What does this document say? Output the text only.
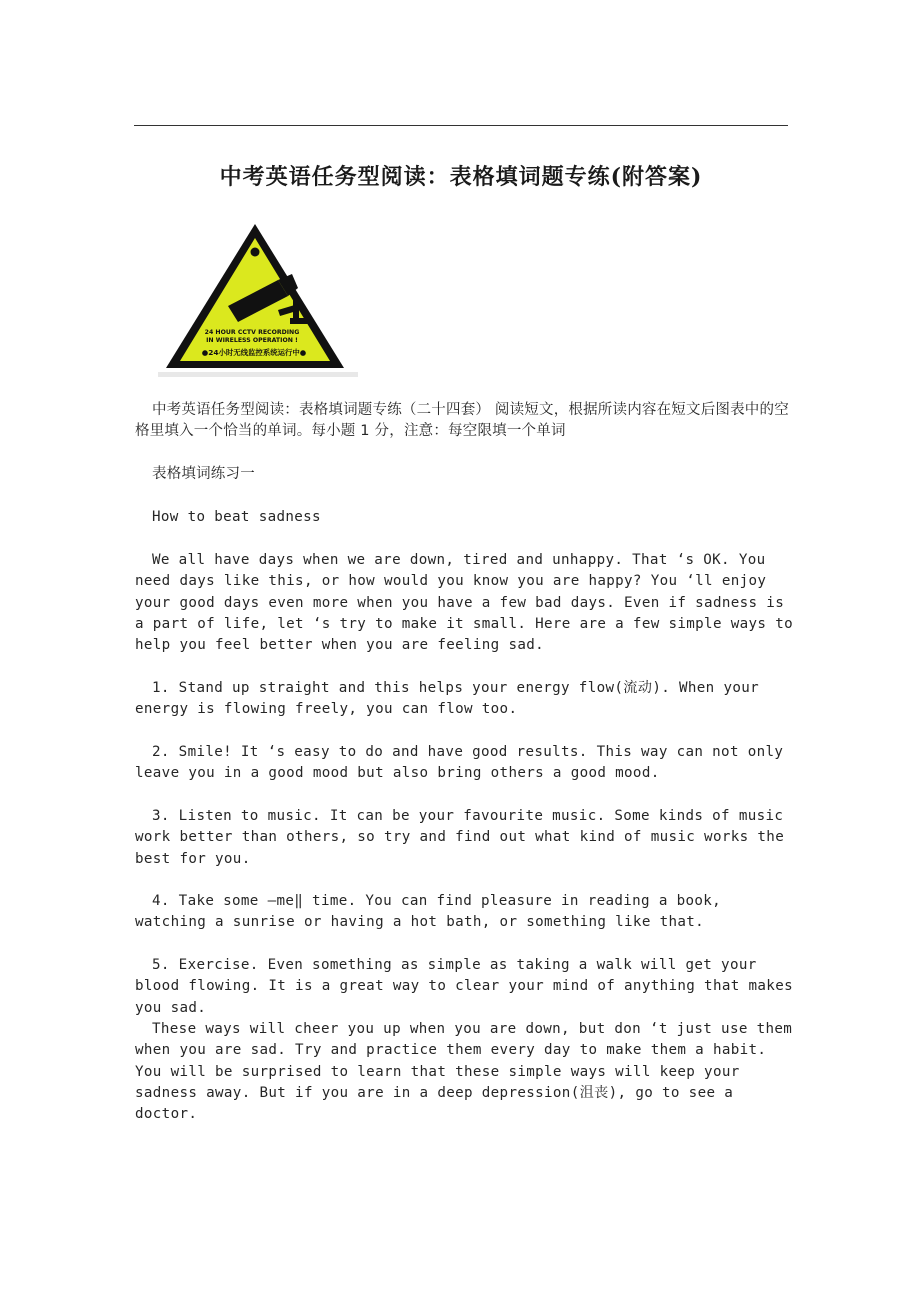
中考英语任务型阅读：表格填词题专练(附答案)
24 HOUR CCTV RECORDING
IN WIRELESS OPERATION !
●24小时无线监控系统运行中●

中考英语任务型阅读：表格填词题专练（二十四套） 阅读短文，根据所读内容在短文后图表中的空格里填入一个恰当的单词。每小题 1 分，注意：每空限填一个单词

表格填词练习一

How to beat sadness

We all have days when we are down, tired and unhappy. That ‘s OK. You need days like this, or how would you know you are happy? You ‘ll enjoy your good days even more when you have a few bad days. Even if sadness is a part of life, let ‘s try to make it small. Here are a few simple ways to help you feel better when you are feeling sad.

1. Stand up straight and this helps your energy flow(流动). When your energy is flowing freely, you can flow too.

2. Smile! It ‘s easy to do and have good results. This way can not only leave you in a good mood but also bring others a good mood.

3. Listen to music. It can be your favourite music. Some kinds of music work better than others, so try and find out what kind of music works the best for you.

4. Take some ―me‖ time. You can find pleasure in reading a book, watching a sunrise or having a hot bath, or something like that.

5. Exercise. Even something as simple as taking a walk will get your blood flowing. It is a great way to clear your mind of anything that makes you sad.

These ways will cheer you up when you are down, but don ‘t just use them when you are sad. Try and practice them every day to make them a habit. You will be surprised to learn that these simple ways will keep your sadness away. But if you are in a deep depression(沮丧), go to see a doctor.
